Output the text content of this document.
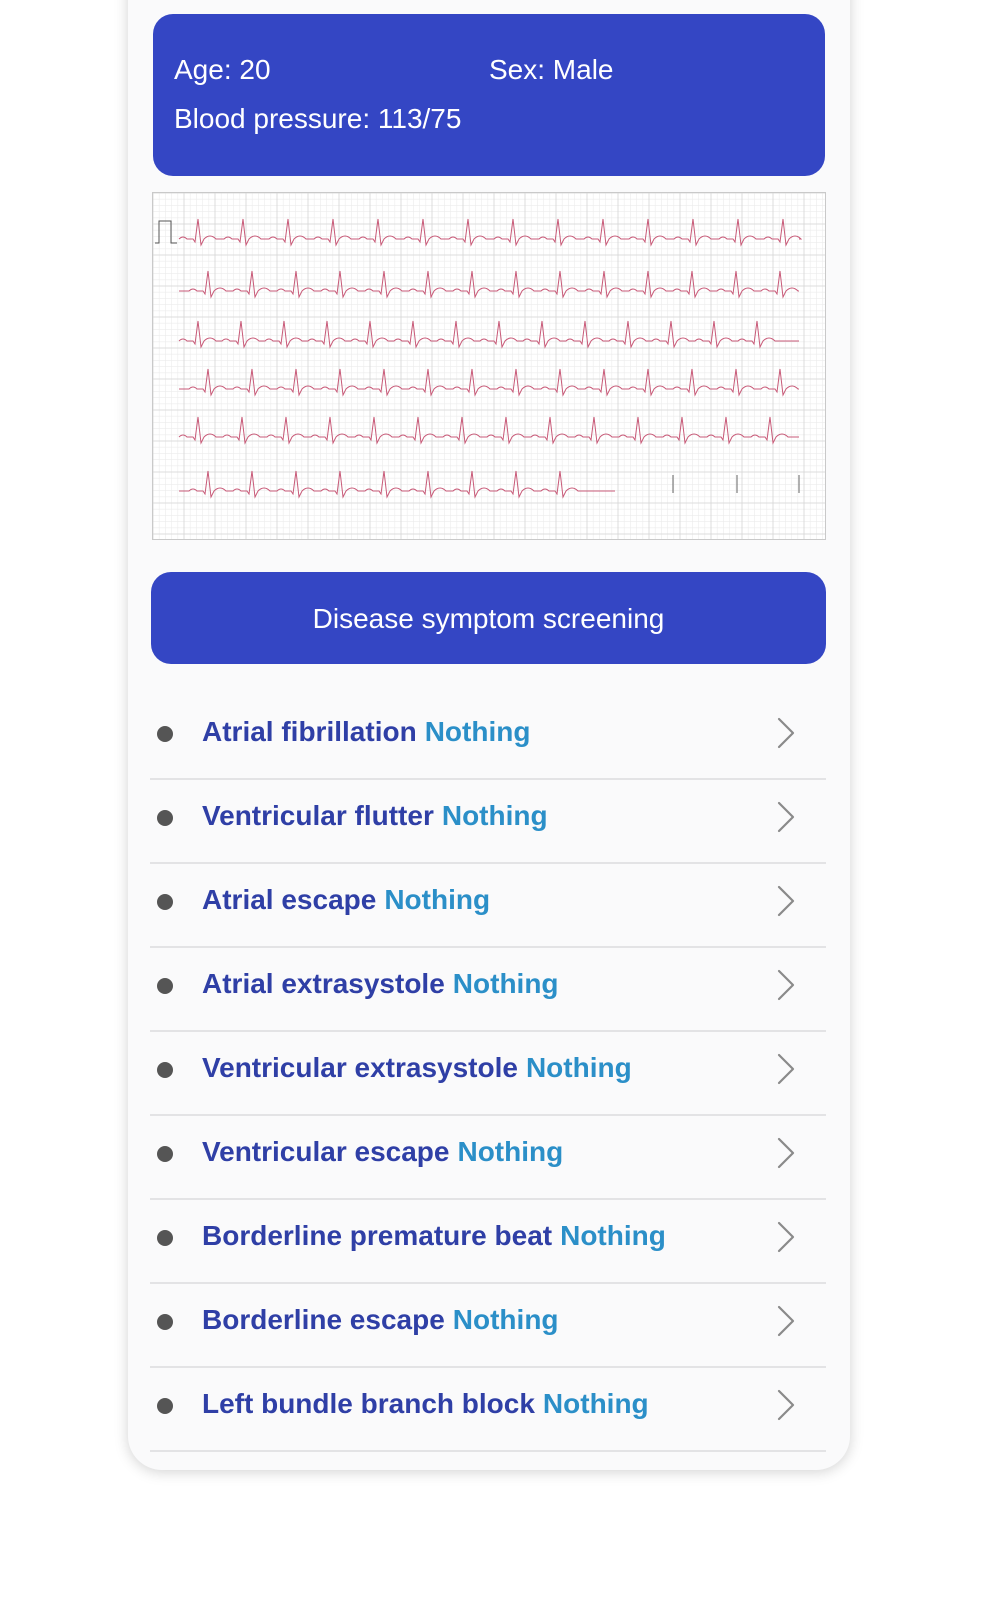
Age: 20	Sex: Male
Blood pressure: 113/75
Disease symptom screening
Atrial fibrillation Nothing
Ventricular flutter Nothing
Atrial escape Nothing
Atrial extrasystole Nothing
Ventricular extrasystole Nothing
Ventricular escape Nothing
Borderline premature beat Nothing
Borderline escape Nothing
Left bundle branch block Nothing
